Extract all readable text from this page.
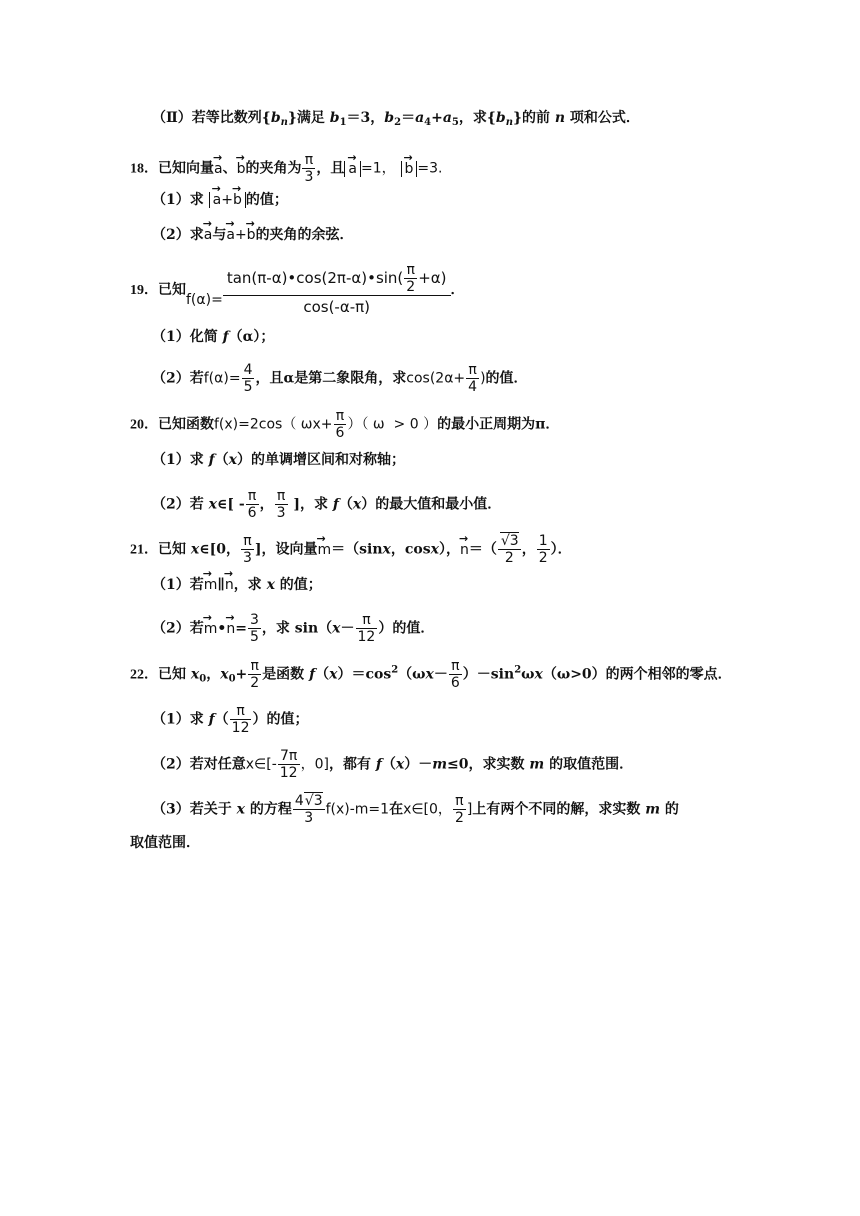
（Ⅱ）若等比数列$\{b_n\}$满足 $b_1=3$，$b_2=a_4+a_5$，求$\{b_n\}$的前 n 项和公式．
18．已知向量→ a、→ b的夹角为 $\frac{\pi}{3}$ ，且 → a =1， → b =3.
（1）求 → a+→ b 的值；
（2）求→ a与→ a+→ b的夹角的余弦．
19．已知$f(\alpha)= \frac{\tan(\pi-\alpha)•\cos(2\pi-\alpha)•\sin( \frac{\pi}{2} +\alpha)}{\cos(-\alpha-\pi)}$ ．
（1）化简 f（α）；
（2）若$f(\alpha)= \frac{4}{5}$ ，且α是第二象限角，求$\cos(2\alpha+ \frac{\pi}{4}$ )的值．
20．已知函数f(x)=2cos（ $\omega x+ \frac{\pi}{6}$ ）（ ω  > 0 ）的最小正周期为π．
（1）求 f（x）的单调增区间和对称轴；
（2）若 x∈[ - $\frac{\pi}{6}$ ， $\frac{\pi}{3}$ ]，求 f（x）的最大值和最小值．
21．已知 x∈[0， $\frac{\pi}{3}$ ]，设向量→ m＝（sinx，cosx），→ $n=( \frac{√3}{2}$ ， $\frac{1}{2}$ ）．
（1）若→ m∥→ n，求 x 的值；
（2）若→ m•→ $n= \frac{3}{5}$ ，求 $\sin(x- \frac{\pi}{12}$ ）的值．
22．已知 $x_0$，$x_0+ \frac{\pi}{2}$ 是函数 $f(x)=\cos^2(\omega x- \frac{\pi}{6} )-\sin^2\omega x(\omega>0)$的两个相邻的零点．
（1）求 $f( \frac{\pi}{12}$ ）的值；
（2）若对任意x∈[- $\frac{7\pi}{12}$ ，0]，都有 f（x）－m≤0，求实数 m 的取值范围．
（3）若关于 x 的方程 $\frac{4√3}{3} f(x)-m=1$在x∈[0， $\frac{\pi}{2}$ ]上有两个不同的解，求实数 m 的
取值范围．
